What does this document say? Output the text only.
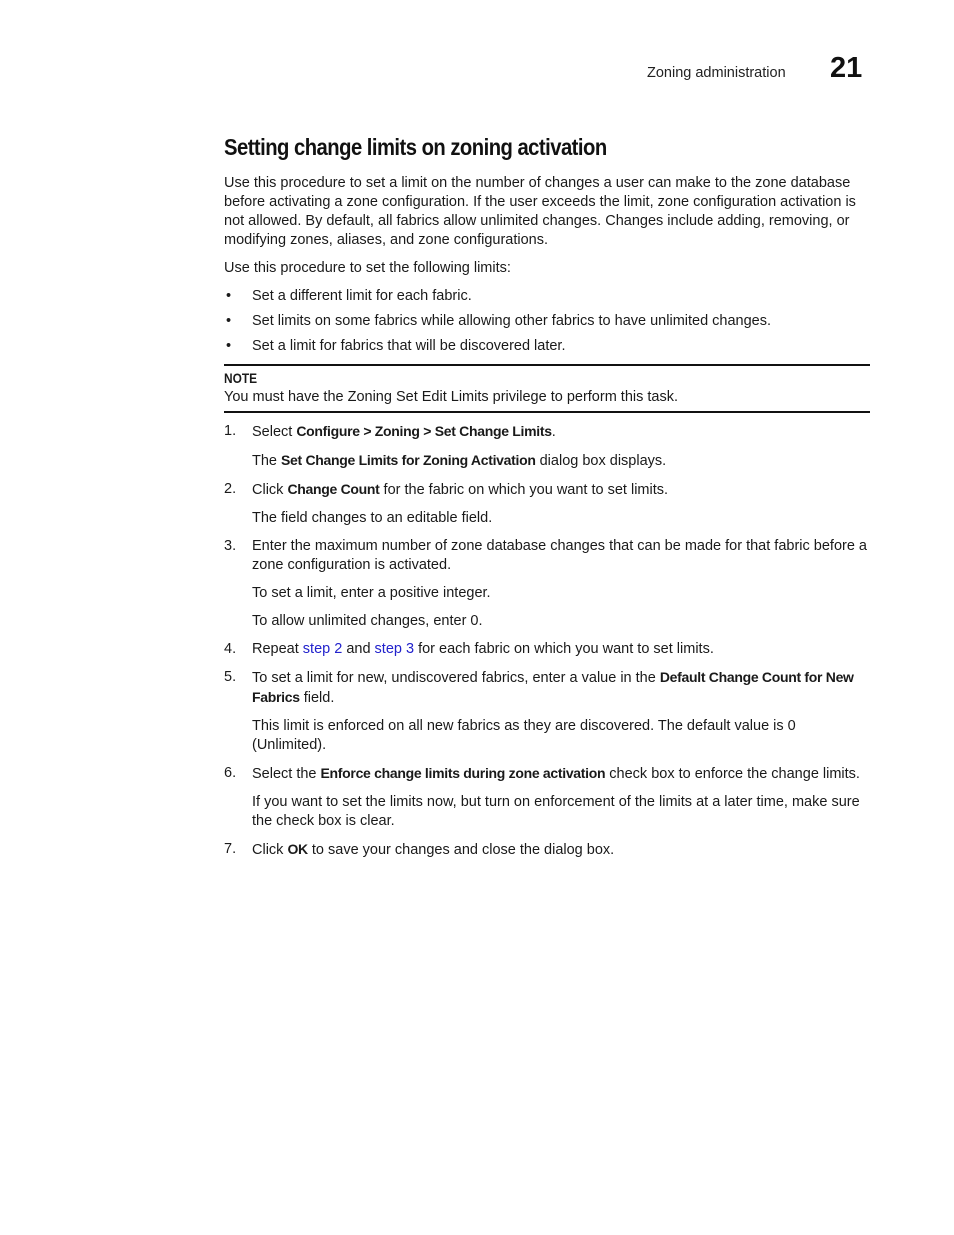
Zoning administration 21
Setting change limits on zoning activation

Use this procedure to set a limit on the number of changes a user can make to the zone database before activating a zone configuration. If the user exceeds the limit, zone configuration activation is not allowed. By default, all fabrics allow unlimited changes. Changes include adding, removing, or modifying zones, aliases, and zone configurations.

Use this procedure to set the following limits:

• Set a different limit for each fabric.
• Set limits on some fabrics while allowing other fabrics to have unlimited changes.
• Set a limit for fabrics that will be discovered later.
NOTE
You must have the Zoning Set Edit Limits privilege to perform this task.
1. Select Configure > Zoning > Set Change Limits.

The Set Change Limits for Zoning Activation dialog box displays.

2. Click Change Count for the fabric on which you want to set limits.

The field changes to an editable field.

3. Enter the maximum number of zone database changes that can be made for that fabric before a zone configuration is activated.

To set a limit, enter a positive integer.

To allow unlimited changes, enter 0.

4. Repeat step 2 and step 3 for each fabric on which you want to set limits.

5. To set a limit for new, undiscovered fabrics, enter a value in the Default Change Count for New Fabrics field.

This limit is enforced on all new fabrics as they are discovered. The default value is 0 (Unlimited).

6. Select the Enforce change limits during zone activation check box to enforce the change limits.

If you want to set the limits now, but turn on enforcement of the limits at a later time, make sure the check box is clear.

7. Click OK to save your changes and close the dialog box.
